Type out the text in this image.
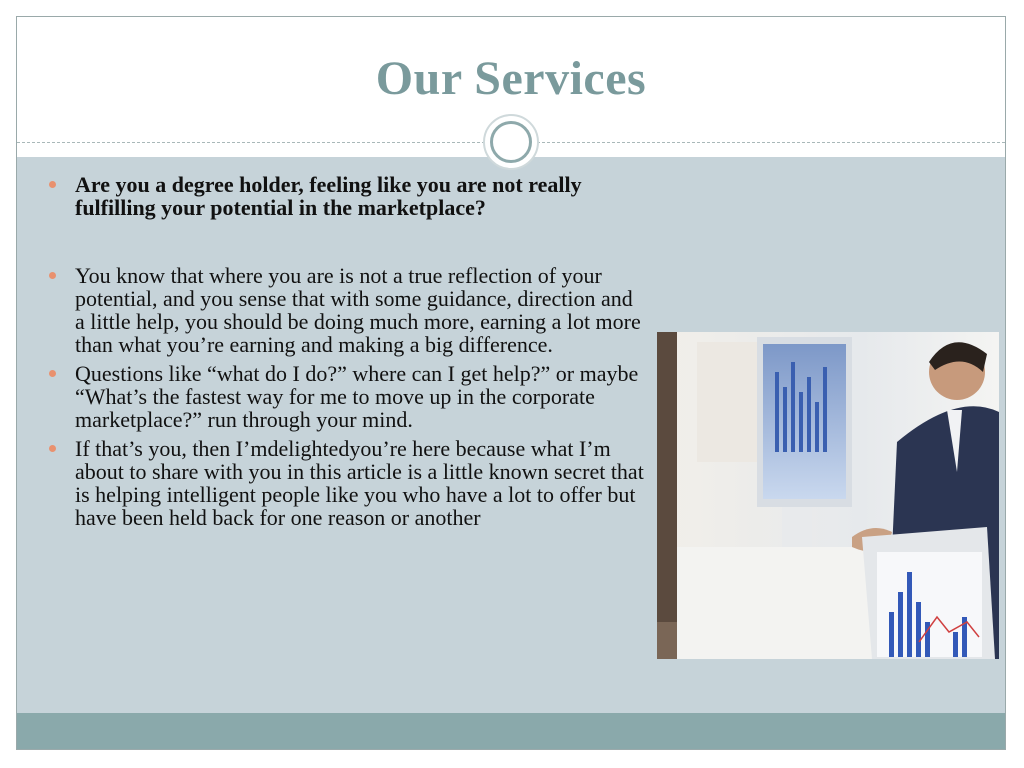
Our Services

Are you a degree holder, feeling like you are not really fulfilling your potential in the marketplace?

You know that where you are is not a true reflection of your potential, and you sense that with some guidance, direction and a little help, you should be doing much more, earning a lot more than what you’re earning and making a big difference.

Questions like “what do I do?” where can I get help?” or maybe “What’s the fastest way for me to move up in the corporate marketplace?” run through your mind.

If that’s you, then I’mdelightedyou’re here because what I’m about to share with you in this article is a little known secret that is helping intelligent people like you who have a lot to offer but have been held back for one reason or another
